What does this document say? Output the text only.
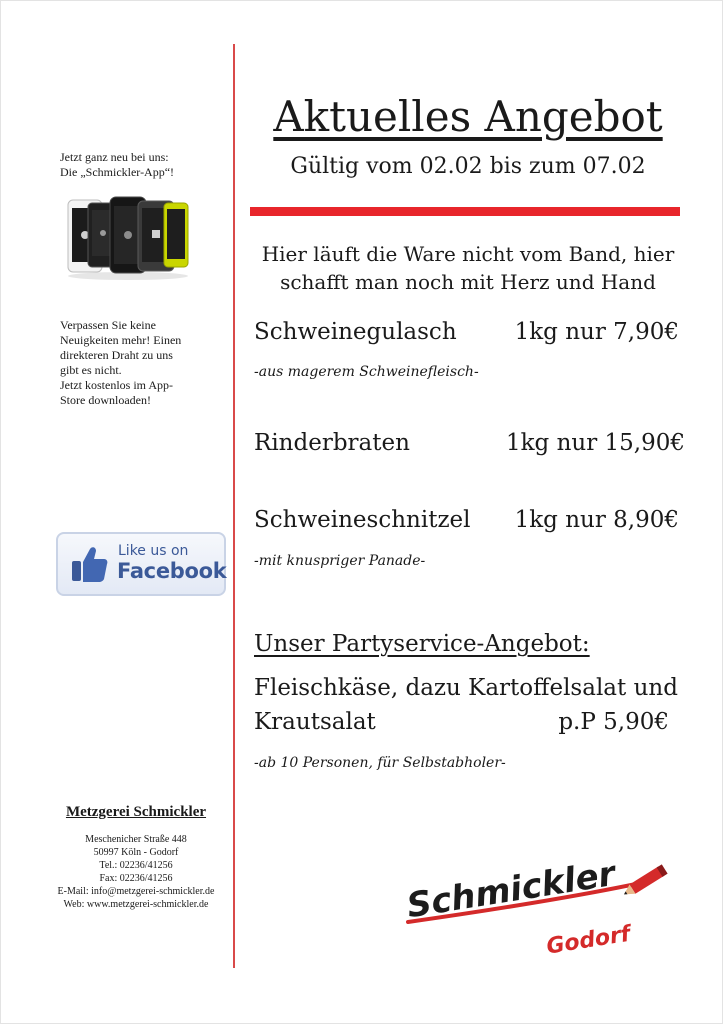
Jetzt ganz neu bei uns:
Die „Schmickler-App“!
Verpassen Sie keine
Neuigkeiten mehr! Einen
direkteren Draht zu uns
gibt es nicht.
Jetzt kostenlos im App-
Store downloaden!
Like us on
Facebook
Metzgerei Schmickler
Meschenicher Straße 448
50997 Köln - Godorf
Tel.: 02236/41256
Fax: 02236/41256
E-Mail: info@metzgerei-schmickler.de
Web: www.metzgerei-schmickler.de
Aktuelles Angebot
Gültig vom 02.02 bis zum 07.02
Hier läuft die Ware nicht vom Band, hier
schafft man noch mit Herz und Hand
Schweinegulasch	1kg nur 7,90€
-aus magerem Schweinefleisch-
Rinderbraten	1kg nur 15,90€
Schweineschnitzel 1kg nur 8,90€
-mit knuspriger Panade-
Unser Partyservice-Angebot:
Fleischkäse, dazu Kartoffelsalat und
Krautsalat	p.P 5,90€
-ab 10 Personen, für Selbstabholer-
Schmickler
Godorf
